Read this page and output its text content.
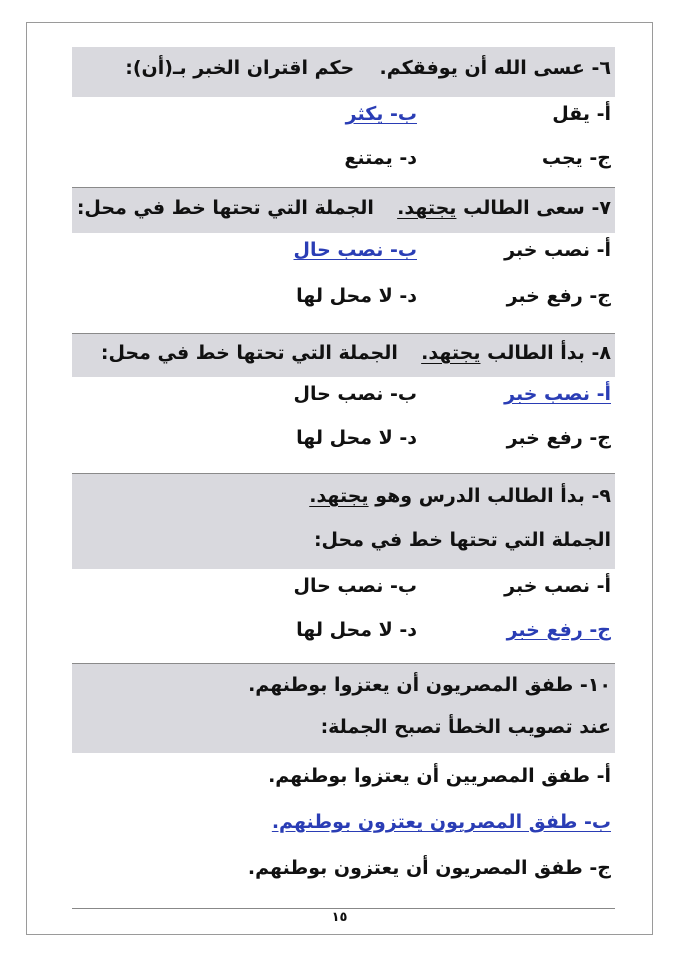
٦- عسى الله أن يوفقكم.  حكم اقتران الخبر بـ(أن):
أ- يقل
ب- يكثر
ج- يجب
د- يمتنع
٧- سعى الطالب يجتهد.  الجملة التي تحتها خط في محل:
أ- نصب خبر
ب- نصب حال
ج- رفع خبر
د- لا محل لها
٨- بدأ الطالب يجتهد.  الجملة التي تحتها خط في محل:
أ- نصب خبر
ب- نصب حال
ج- رفع خبر
د- لا محل لها
٩- بدأ الطالب الدرس وهو يجتهد.
الجملة التي تحتها خط في محل:
أ- نصب خبر
ب- نصب حال
ج- رفع خبر
د- لا محل لها
١٠- طفق المصريون أن يعتزوا بوطنهم.
عند تصويب الخطأ تصبح الجملة:
أ- طفق المصريين أن يعتزوا بوطنهم.
ب- طفق المصريون يعتزون بوطنهم.
ج- طفق المصريون أن يعتزون بوطنهم.
١٥
